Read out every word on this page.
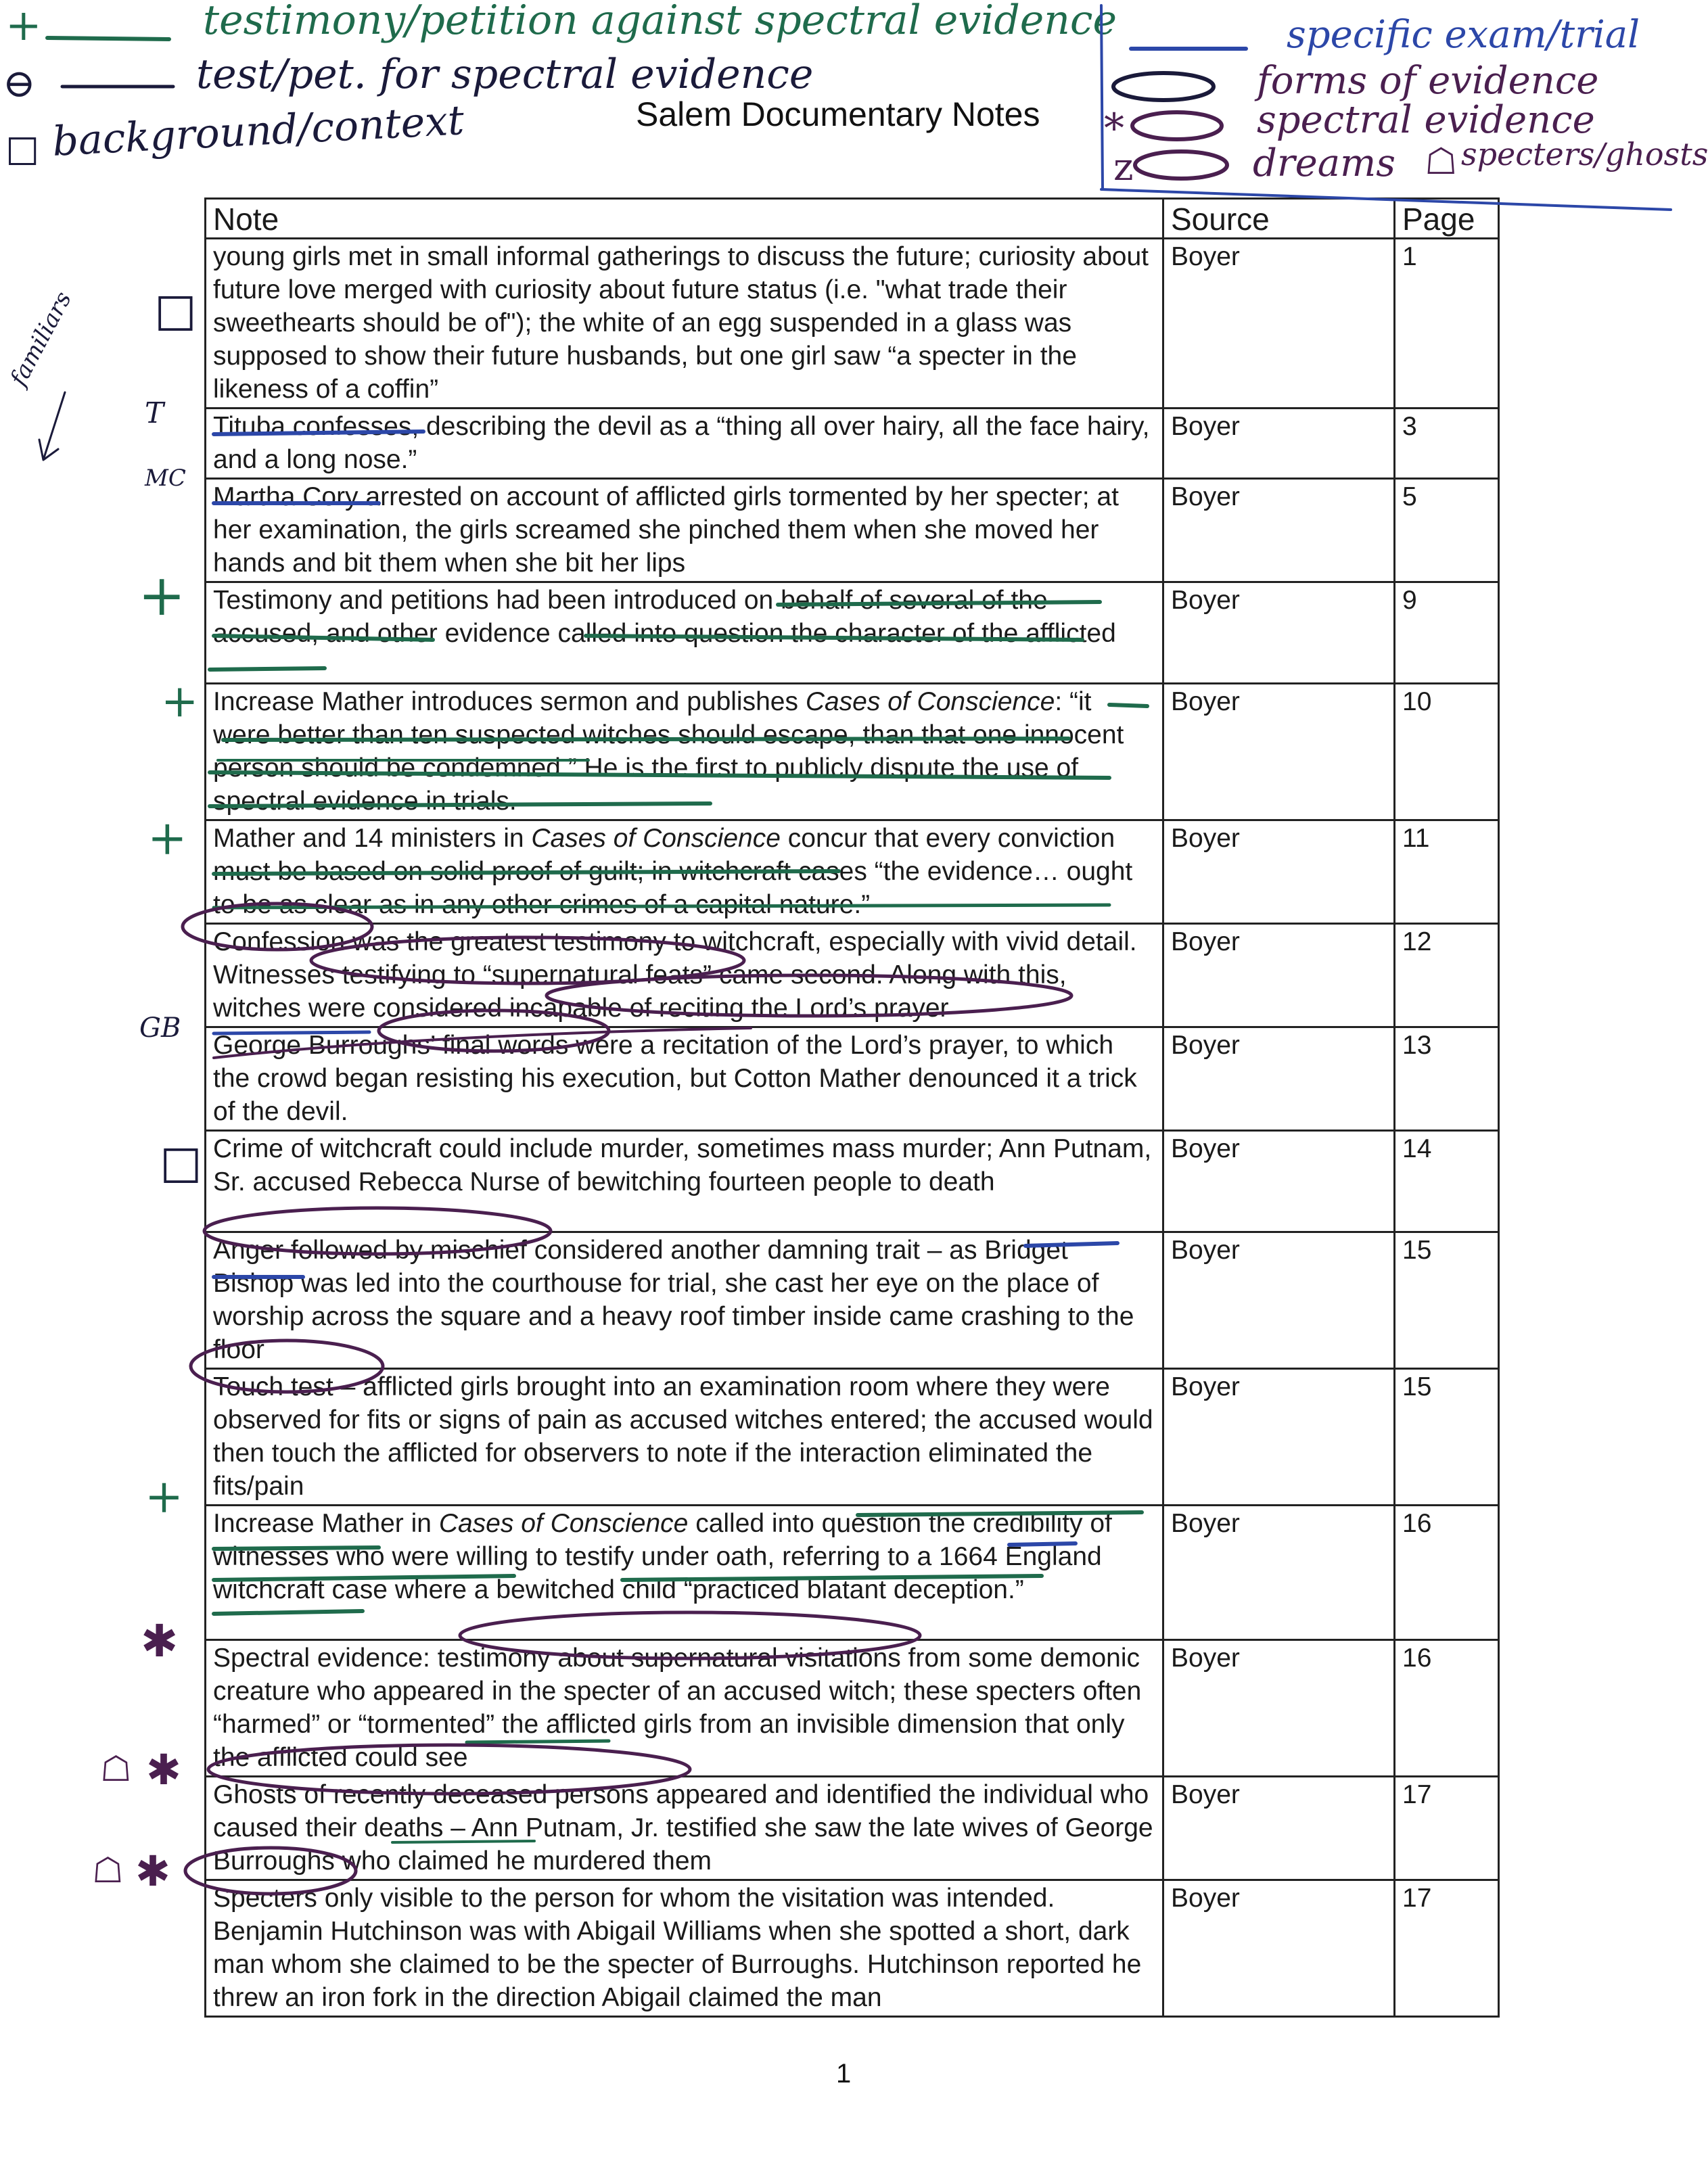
+	testimony/petition against spectral evidence
⊖	test/pet. for spectral evidence
☐ background/context	Salem Documentary Notes
specific exam/trial
forms of evidence
*	spectral evidence
z	dreams ☖ specters/ghosts
Note	Source	Page
young girls met in small informal gatherings to discuss the future; curiosity about future love merged with curiosity about future status (i.e. "what trade their sweethearts should be of"); the white of an egg suspended in a glass was supposed to show their future husbands, but one girl saw “a specter in the likeness of a coffin”	Boyer	1
Tituba confesses, describing the devil as a “thing all over hairy, all the face hairy, and a long nose.”	Boyer	3
Martha Cory arrested on account of afflicted girls tormented by her specter; at her examination, the girls screamed she pinched them when she moved her hands and bit them when she bit her lips	Boyer	5
Testimony and petitions had been introduced on behalf of several of the accused, and other evidence called into question the character of the afflicted	Boyer	9
Increase Mather introduces sermon and publishes Cases of Conscience: “it were better than ten suspected witches should escape, than that one innocent person should be condemned.” He is the first to publicly dispute the use of spectral evidence in trials.	Boyer	10
Mather and 14 ministers in Cases of Conscience concur that every conviction must be based on solid proof of guilt; in witchcraft cases “the evidence… ought to be as clear as in any other crimes of a capital nature.”	Boyer	11
Confession was the greatest testimony to witchcraft, especially with vivid detail. Witnesses testifying to “supernatural feats” came second. Along with this, witches were considered incapable of reciting the Lord’s prayer	Boyer	12
George Burroughs’ final words were a recitation of the Lord’s prayer, to which the crowd began resisting his execution, but Cotton Mather denounced it a trick of the devil.	Boyer	13
Crime of witchcraft could include murder, sometimes mass murder; Ann Putnam, Sr. accused Rebecca Nurse of bewitching fourteen people to death	Boyer	14
Anger followed by mischief considered another damning trait – as Bridget Bishop was led into the courthouse for trial, she cast her eye on the place of worship across the square and a heavy roof timber inside came crashing to the floor	Boyer	15
Touch test – afflicted girls brought into an examination room where they were observed for fits or signs of pain as accused witches entered; the accused would then touch the afflicted for observers to note if the interaction eliminated the fits/pain	Boyer	15
Increase Mather in Cases of Conscience called into question the credibility of witnesses who were willing to testify under oath, referring to a 1664 England witchcraft case where a bewitched child “practiced blatant deception.”	Boyer	16
Spectral evidence: testimony about supernatural visitations from some demonic creature who appeared in the specter of an accused witch; these specters often “harmed” or “tormented” the afflicted girls from an invisible dimension that only the afflicted could see	Boyer	16
Ghosts of recently deceased persons appeared and identified the individual who caused their deaths – Ann Putnam, Jr. testified she saw the late wives of George Burroughs who claimed he murdered them	Boyer	17
Specters only visible to the person for whom the visitation was intended. Benjamin Hutchinson was with Abigail Williams when she spotted a short, dark man whom she claimed to be the specter of Burroughs. Hutchinson reported he threw an iron fork in the direction Abigail claimed the man	Boyer	17
☐
familiars
T
MC
+
+
+
GB
☐
+
✱
☖ ✱
☖ ✱
1
